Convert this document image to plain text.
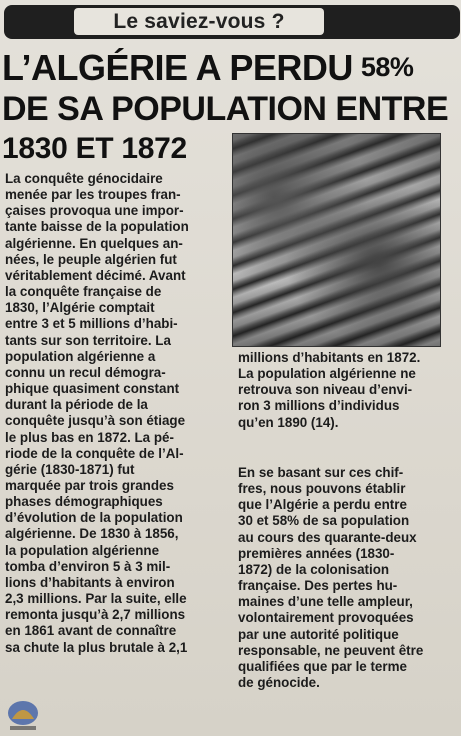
Le saviez-vous ?
L’ALGÉRIE A PERDU 58%
DE SA POPULATION ENTRE
1830 ET 1872
La conquête génocidaire
menée par les troupes fran-
çaises provoqua une impor-
tante baisse de la population
algérienne. En quelques an-
nées, le peuple algérien fut
véritablement décimé. Avant
la conquête française de
1830, l’Algérie comptait
entre 3 et 5 millions d’habi-
tants sur son territoire. La
population algérienne a
connu un recul démogra-
phique quasiment constant
durant la période de la
conquête jusqu’à son étiage
le plus bas en 1872. La pé-
riode de la conquête de l’Al-
gérie (1830-1871) fut
marquée par trois grandes
phases démographiques
d’évolution de la population
algérienne. De 1830 à 1856,
la population algérienne
tomba d’environ 5 à 3 mil-
lions d’habitants à environ
2,3 millions. Par la suite, elle
remonta jusqu’à 2,7 millions
en 1861 avant de connaître
sa chute la plus brutale à 2,1
millions d’habitants en 1872.
La population algérienne ne
retrouva son niveau d’envi-
ron 3 millions d’individus
qu’en 1890 (14).
En se basant sur ces chif-
fres, nous pouvons établir
que l’Algérie a perdu entre
30 et 58% de sa population
au cours des quarante-deux
premières années (1830-
1872) de la colonisation
française. Des pertes hu-
maines d’une telle ampleur,
volontairement provoquées
par une autorité politique
responsable, ne peuvent être
qualifiées que par le terme
de génocide.
